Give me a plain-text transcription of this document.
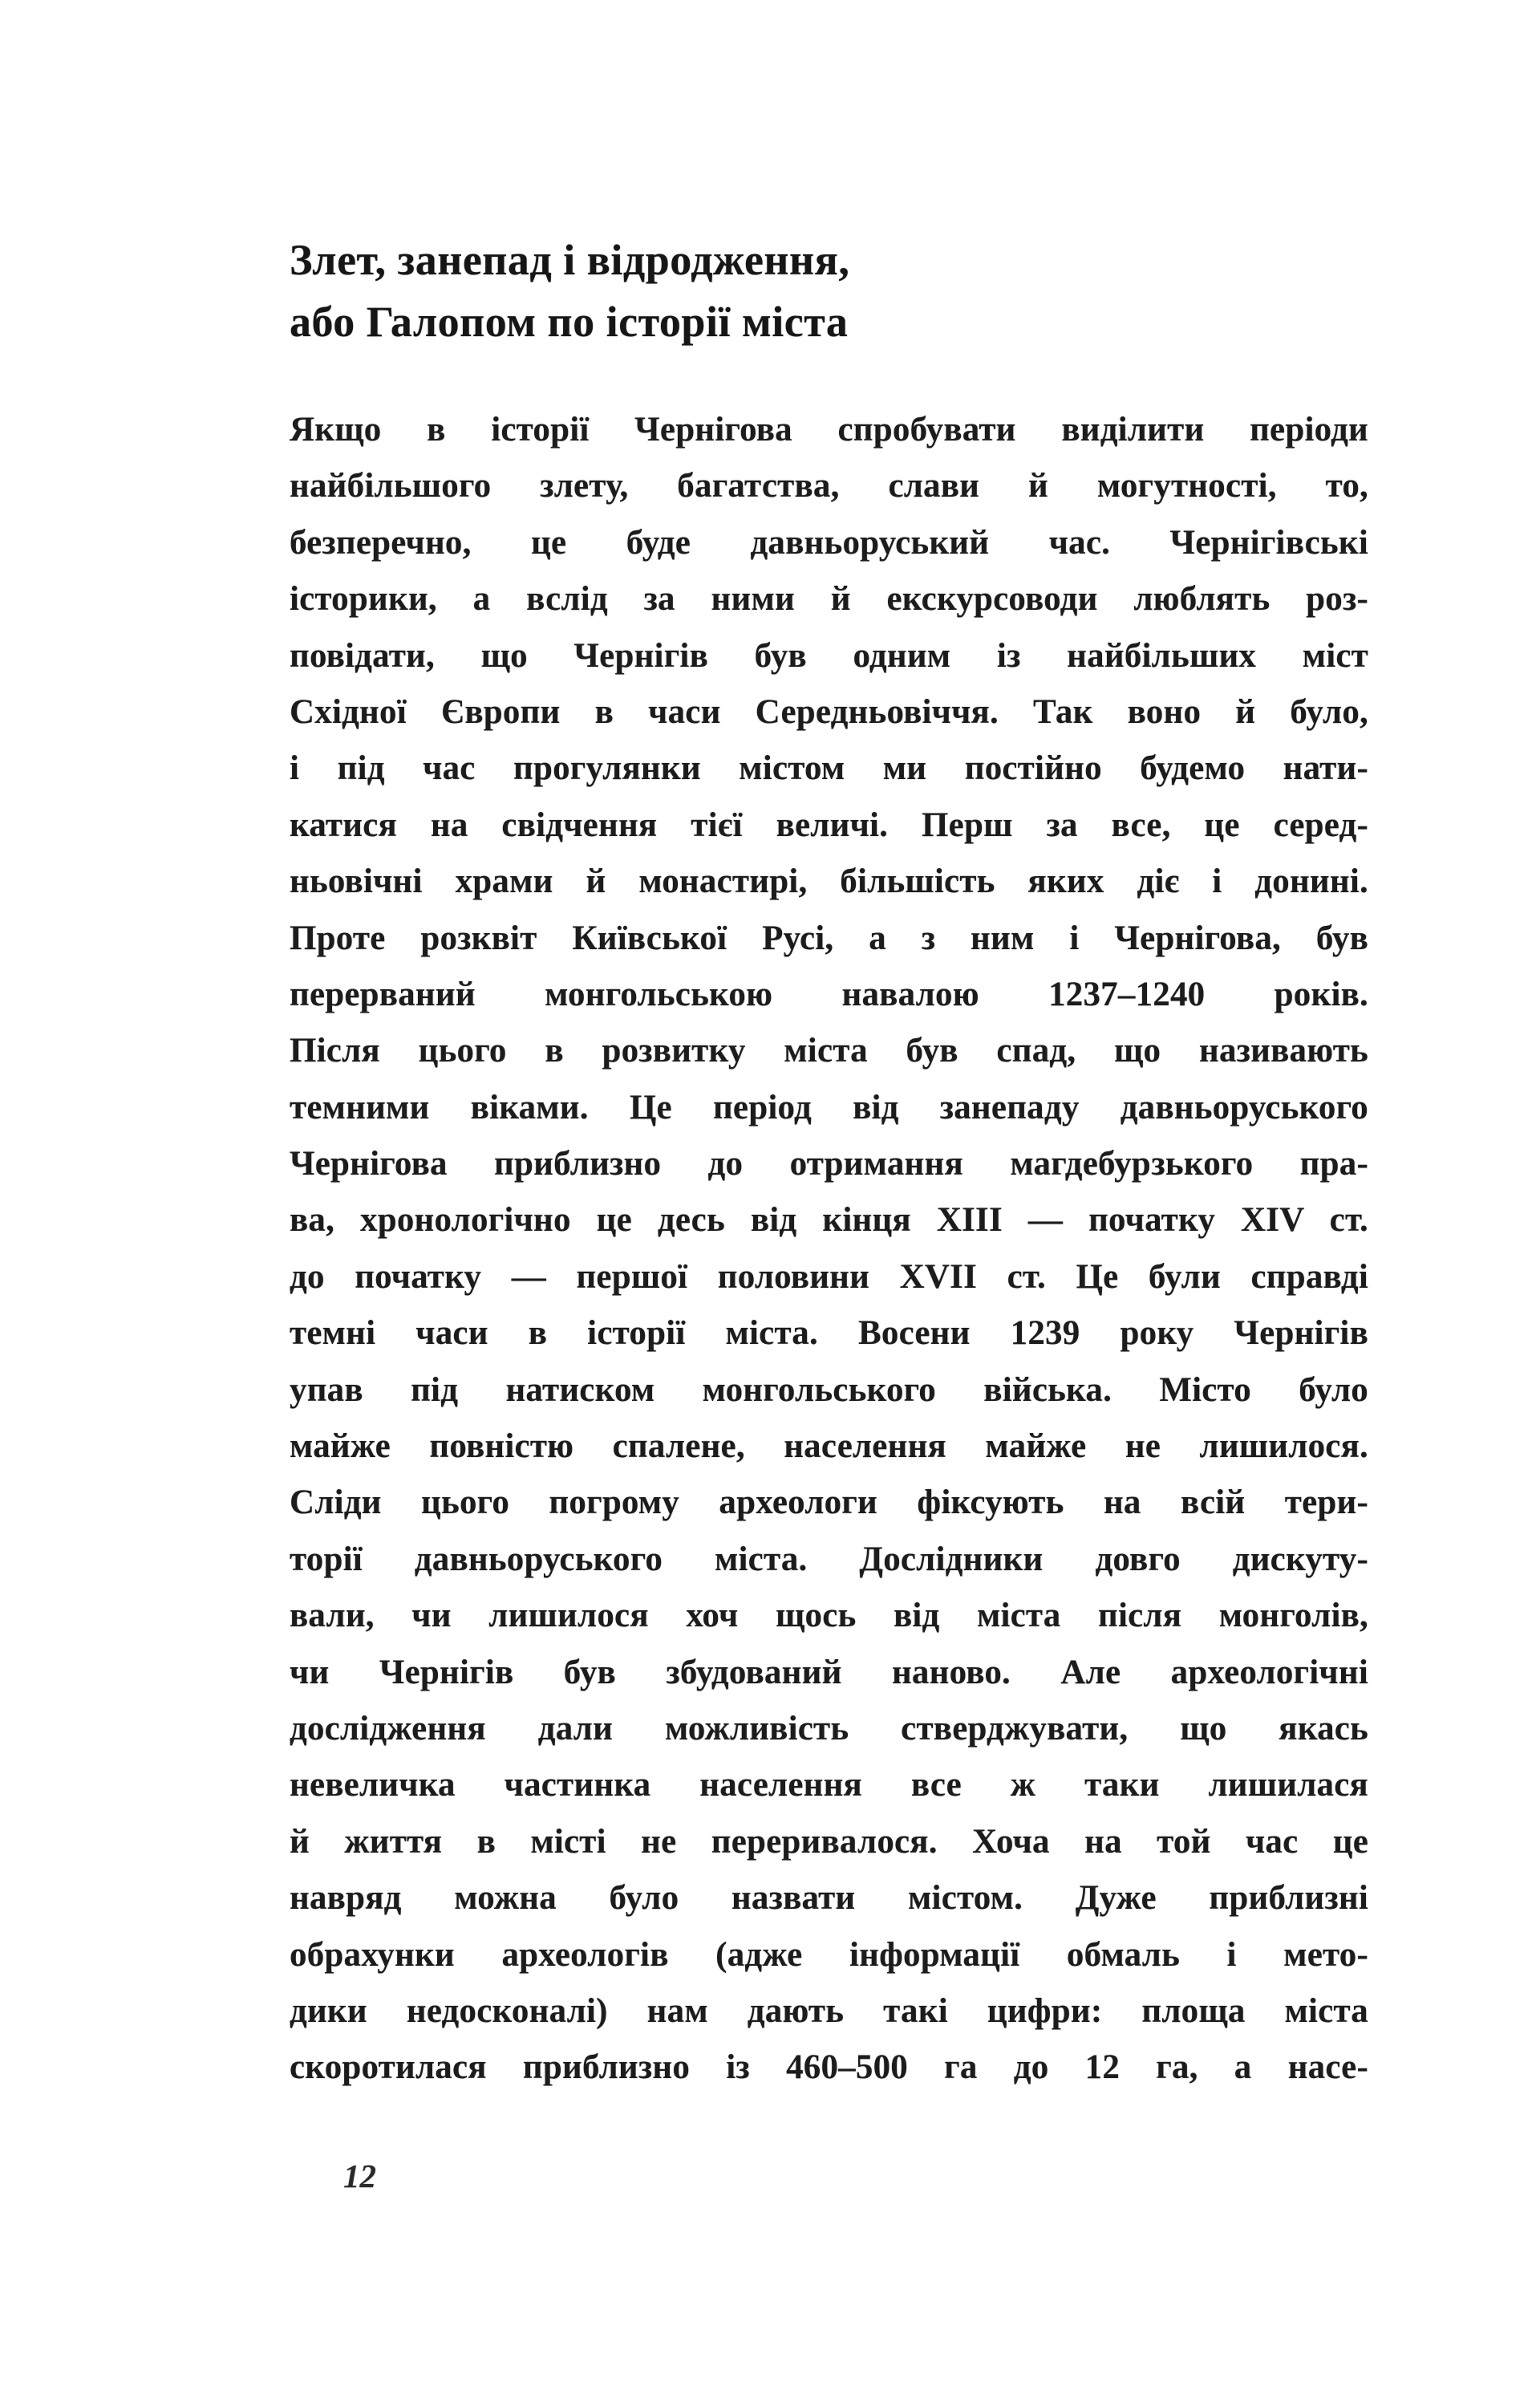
Злет, занепад і відродження,
або Галопом по історії міста
Якщо в історії Чернігова спробувати виділити періоди
найбільшого злету, багатства, слави й могутності, то,
безперечно, це буде давньоруський час. Чернігівські
історики, а вслід за ними й екскурсоводи люблять роз-
повідати, що Чернігів був одним із найбільших міст
Східної Європи в часи Середньовіччя. Так воно й було,
і під час прогулянки містом ми постійно будемо нати-
катися на свідчення тієї величі. Перш за все, це серед-
ньовічні храми й монастирі, більшість яких діє і донині.
Проте розквіт Київської Русі, а з ним і Чернігова, був
перерваний монгольською навалою 1237–1240 років.
Після цього в розвитку міста був спад, що називають
темними віками. Це період від занепаду давньоруського
Чернігова приблизно до отримання магдебурзького пра-
ва, хронологічно це десь від кінця XIII — початку XIV ст.
до початку — першої половини XVII ст. Це були справді
темні часи в історії міста. Восени 1239 року Чернігів
упав під натиском монгольського війська. Місто було
майже повністю спалене, населення майже не лишилося.
Сліди цього погрому археологи фіксують на всій тери-
торії давньоруського міста. Дослідники довго дискуту-
вали, чи лишилося хоч щось від міста після монголів,
чи Чернігів був збудований наново. Але археологічні
дослідження дали можливість стверджувати, що якась
невеличка частинка населення все ж таки лишилася
й життя в місті не переривалося. Хоча на той час це
навряд можна було назвати містом. Дуже приблизні
обрахунки археологів (адже інформації обмаль і мето-
дики недосконалі) нам дають такі цифри: площа міста
скоротилася приблизно із 460–500 га до 12 га, а насе-
12
